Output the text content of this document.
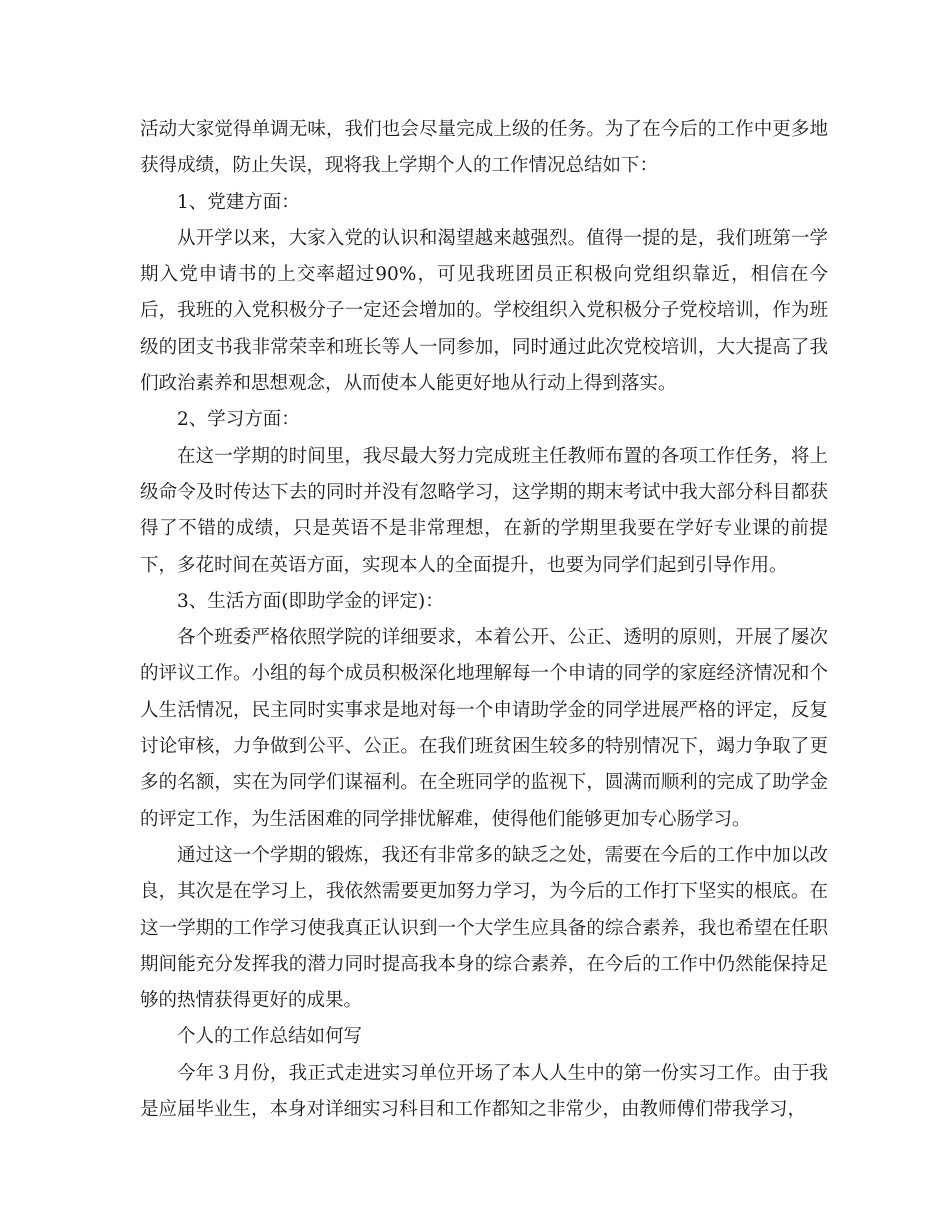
活动大家觉得单调无味，我们也会尽量完成上级的任务。为了在今后的工作中更多地获得成绩，防止失误，现将我上学期个人的工作情况总结如下：

1、党建方面：

从开学以来，大家入党的认识和渴望越来越强烈。值得一提的是，我们班第一学期入党申请书的上交率超过90%，可见我班团员正积极向党组织靠近，相信在今后，我班的入党积极分子一定还会增加的。学校组织入党积极分子党校培训，作为班级的团支书我非常荣幸和班长等人一同参加，同时通过此次党校培训，大大提高了我们政治素养和思想观念，从而使本人能更好地从行动上得到落实。

2、学习方面：

在这一学期的时间里，我尽最大努力完成班主任教师布置的各项工作任务，将上级命令及时传达下去的同时并没有忽略学习，这学期的期末考试中我大部分科目都获得了不错的成绩，只是英语不是非常理想，在新的学期里我要在学好专业课的前提下，多花时间在英语方面，实现本人的全面提升，也要为同学们起到引导作用。

3、生活方面(即助学金的评定)：

各个班委严格依照学院的详细要求，本着公开、公正、透明的原则，开展了屡次的评议工作。小组的每个成员积极深化地理解每一个申请的同学的家庭经济情况和个人生活情况，民主同时实事求是地对每一个申请助学金的同学进展严格的评定，反复讨论审核，力争做到公平、公正。在我们班贫困生较多的特别情况下，竭力争取了更多的名额，实在为同学们谋福利。在全班同学的监视下，圆满而顺利的完成了助学金的评定工作，为生活困难的同学排忧解难，使得他们能够更加专心肠学习。

通过这一个学期的锻炼，我还有非常多的缺乏之处，需要在今后的工作中加以改良，其次是在学习上，我依然需要更加努力学习，为今后的工作打下坚实的根底。在这一学期的工作学习使我真正认识到一个大学生应具备的综合素养，我也希望在任职期间能充分发挥我的潜力同时提高我本身的综合素养，在今后的工作中仍然能保持足够的热情获得更好的成果。

个人的工作总结如何写

今年３月份，我正式走进实习单位开场了本人人生中的第一份实习工作。由于我是应届毕业生，本身对详细实习科目和工作都知之非常少，由教师傅们带我学习，
